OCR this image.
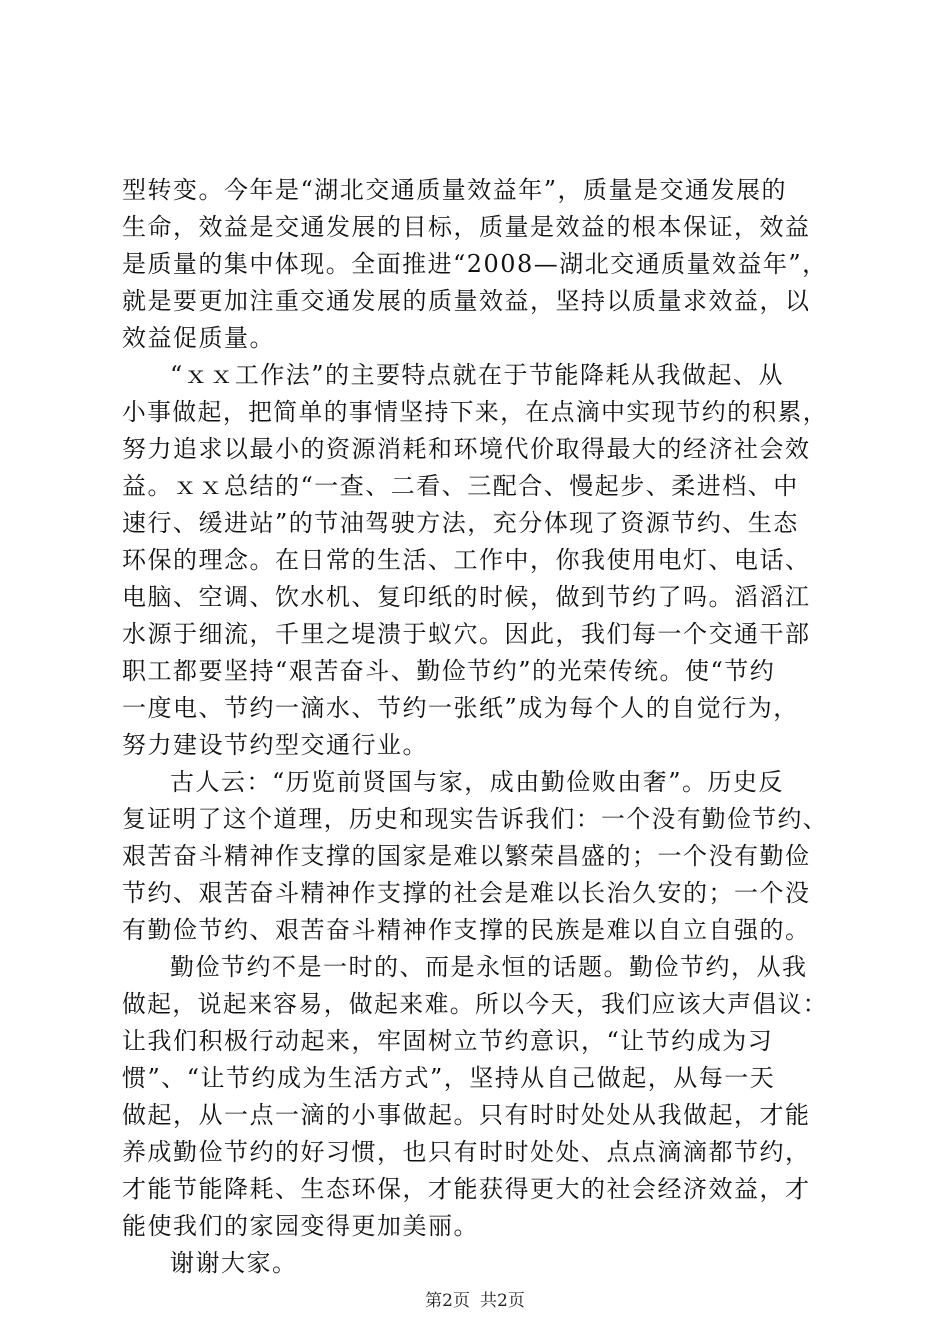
型转变。今年是“湖北交通质量效益年”，质量是交通发展的
生命，效益是交通发展的目标，质量是效益的根本保证，效益
是质量的集中体现。全面推进“2008—湖北交通质量效益年”，
就是要更加注重交通发展的质量效益，坚持以质量求效益，以
效益促质量。
“ｘｘ工作法”的主要特点就在于节能降耗从我做起、从
小事做起，把简单的事情坚持下来，在点滴中实现节约的积累，
努力追求以最小的资源消耗和环境代价取得最大的经济社会效
益。ｘｘ总结的“一查、二看、三配合、慢起步、柔进档、中
速行、缓进站”的节油驾驶方法，充分体现了资源节约、生态
环保的理念。在日常的生活、工作中，你我使用电灯、电话、
电脑、空调、饮水机、复印纸的时候，做到节约了吗。滔滔江
水源于细流，千里之堤溃于蚁穴。因此，我们每一个交通干部
职工都要坚持“艰苦奋斗、勤俭节约”的光荣传统。使“节约
一度电、节约一滴水、节约一张纸”成为每个人的自觉行为，
努力建设节约型交通行业。
古人云：“历览前贤国与家，成由勤俭败由奢”。历史反
复证明了这个道理，历史和现实告诉我们：一个没有勤俭节约、
艰苦奋斗精神作支撑的国家是难以繁荣昌盛的；一个没有勤俭
节约、艰苦奋斗精神作支撑的社会是难以长治久安的；一个没
有勤俭节约、艰苦奋斗精神作支撑的民族是难以自立自强的。
勤俭节约不是一时的、而是永恒的话题。勤俭节约，从我
做起，说起来容易，做起来难。所以今天，我们应该大声倡议：
让我们积极行动起来，牢固树立节约意识，“让节约成为习
惯”、“让节约成为生活方式”，坚持从自己做起，从每一天
做起，从一点一滴的小事做起。只有时时处处从我做起，才能
养成勤俭节约的好习惯，也只有时时处处、点点滴滴都节约，
才能节能降耗、生态环保，才能获得更大的社会经济效益，才
能使我们的家园变得更加美丽。
谢谢大家。
第2页 共2页
